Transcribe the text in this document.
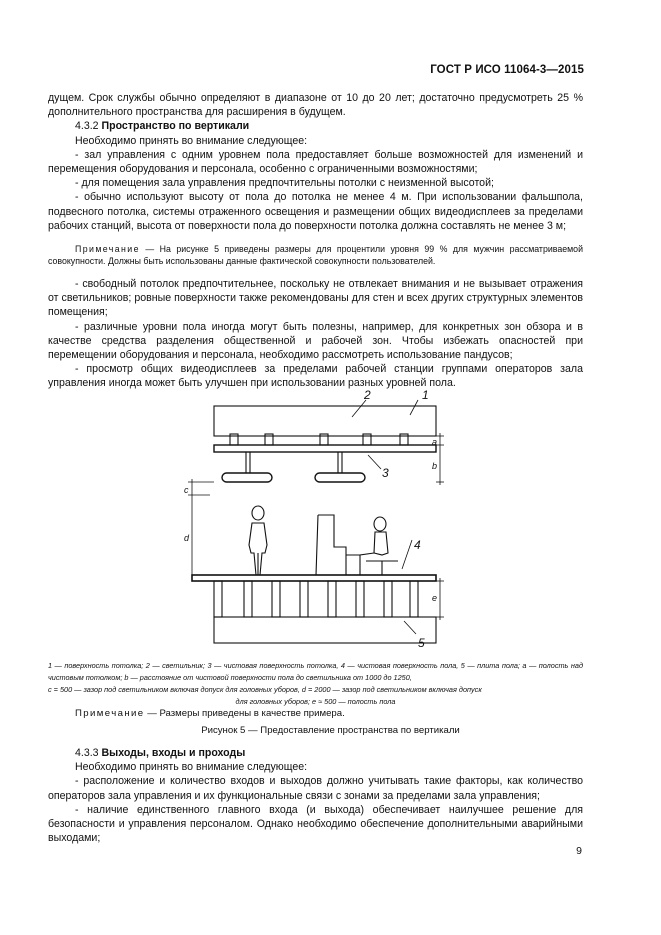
ГОСТ Р ИСО 11064-3—2015

дущем. Срок службы обычно определяют в диапазоне от 10 до 20 лет; достаточно предусмотреть 25 % дополнительного пространства для расширения в будущем.

4.3.2 Пространство по вертикали

Необходимо принять во внимание следующее:

- зал управления с одним уровнем пола предоставляет больше возможностей для изменений и перемещения оборудования и персонала, особенно с ограниченными возможностями;

- для помещения зала управления предпочтительны потолки с неизменной высотой;

- обычно используют высоту от пола до потолка не менее 4 м. При использовании фальшпола, подвесного потолка, системы отраженного освещения и размещении общих видеодисплеев за пределами рабочих станций, высота от поверхности пола до поверхности потолка должна составлять не менее 3 м;

Примечание — На рисунке 5 приведены размеры для процентили уровня 99 % для мужчин рассматриваемой совокупности. Должны быть использованы данные фактической совокупности пользователей.

- свободный потолок предпочтительнее, поскольку не отвлекает внимания и не вызывает отражения от светильников; ровные поверхности также рекомендованы для стен и всех других структурных элементов помещения;

- различные уровни пола иногда могут быть полезны, например, для конкретных зон обзора и в качестве средства разделения общественной и рабочей зон. Чтобы избежать опасностей при перемещении оборудования и персонала, необходимо рассмотреть использование пандусов;

- просмотр общих видеодисплеев за пределами рабочей станции группами операторов зала управления иногда может быть улучшен при использовании разных уровней пола.

1
2
3
4
5
a
b
c
d
e

1 — поверхность потолка; 2 — светильник; 3 — чистовая поверхность потолка, 4 — чистовая поверхность пола, 5 — плита пола; a — полость над чистовым потолком; b — расстояние от чистовой поверхности пола до светильника от 1000 до 1250,

c = 500 — зазор под светильником включая допуск для головных уборов, d = 2000 — зазор под светильником включая допуск

для головных уборов; e ≈ 500 — полость пола

Примечание — Размеры приведены в качестве примера.
Рисунок 5 — Предоставление пространства по вертикали

4.3.3 Выходы, входы и проходы

Необходимо принять во внимание следующее:

- расположение и количество входов и выходов должно учитывать такие факторы, как количество операторов зала управления и их функциональные связи с зонами за пределами зала управления;

- наличие единственного главного входа (и выхода) обеспечивает наилучшее решение для безопасности и управления персоналом. Однако необходимо обеспечение дополнительными аварийными выходами;

9
